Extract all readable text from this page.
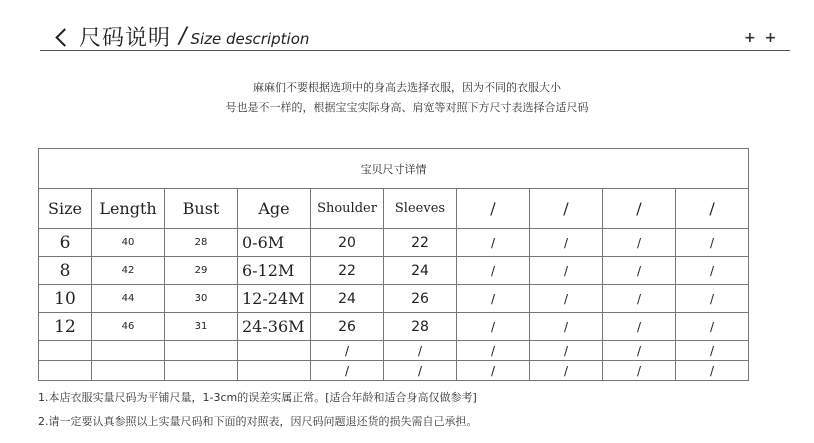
尺码说明 / Size description	+ +
麻麻们不要根据选项中的身高去选择衣服，因为不同的衣服大小
号也是不一样的，根据宝宝实际身高、肩宽等对照下方尺寸表选择合适尺码
宝贝尺寸详情									
Size	Length	Bust	Age	Shoulder	Sleeves	/	/	/	/
6	40	28	0-6M	20	22	/	/	/	/
8	42	29	6-12M	22	24	/	/	/	/
10	44	30	12-24M	24	26	/	/	/	/
12	46	31	24-36M	26	28	/	/	/	/
				/	/	/	/	/	/
				/	/	/	/	/	/
1.本店衣服实量尺码为平铺尺量，1-3cm的误差实属正常。[适合年龄和适合身高仅做参考]
2.请一定要认真参照以上实量尺码和下面的对照表，因尺码问题退还货的损失需自己承担。
